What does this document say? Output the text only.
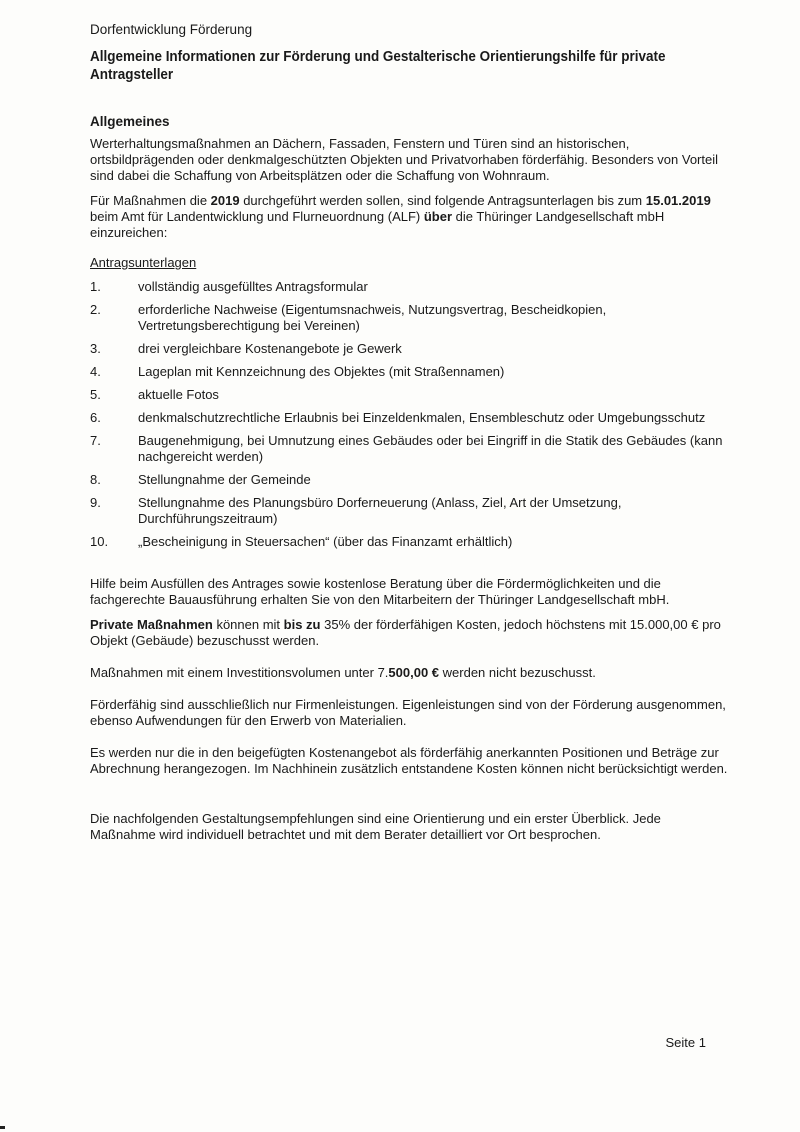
Dorfentwicklung Förderung
Allgemeine Informationen zur Förderung und Gestalterische Orientierungshilfe für private Antragsteller
Allgemeines

Werterhaltungsmaßnahmen an Dächern, Fassaden, Fenstern und Türen sind an historischen, ortsbildprägenden oder denkmalgeschützten Objekten und Privatvorhaben förderfähig. Besonders von Vorteil sind dabei die Schaffung von Arbeitsplätzen oder die Schaffung von Wohnraum.

Für Maßnahmen die 2019 durchgeführt werden sollen, sind folgende Antragsunterlagen bis zum 15.01.2019 beim Amt für Landentwicklung und Flurneuordnung (ALF) über die Thüringer Landgesellschaft mbH einzureichen:

Antragsunterlagen
1.	vollständig ausgefülltes Antragsformular
2.	erforderliche Nachweise (Eigentumsnachweis, Nutzungsvertrag, Bescheidkopien, Vertretungsberechtigung bei Vereinen)
3.	drei vergleichbare Kostenangebote je Gewerk
4.	Lageplan mit Kennzeichnung des Objektes (mit Straßennamen)
5.	aktuelle Fotos
6.	denkmalschutzrechtliche Erlaubnis bei Einzeldenkmalen, Ensembleschutz oder Umgebungsschutz
7.	Baugenehmigung, bei Umnutzung eines Gebäudes oder bei Eingriff in die Statik des Gebäudes (kann nachgereicht werden)
8.	Stellungnahme der Gemeinde
9.	Stellungnahme des Planungsbüro Dorferneuerung (Anlass, Ziel, Art der Umsetzung, Durchführungszeitraum)
10.	„Bescheinigung in Steuersachen“ (über das Finanzamt erhältlich)

Hilfe beim Ausfüllen des Antrages sowie kostenlose Beratung über die Fördermöglichkeiten und die fachgerechte Bauausführung erhalten Sie von den Mitarbeitern der Thüringer Landgesellschaft mbH.

Private Maßnahmen können mit bis zu 35% der förderfähigen Kosten, jedoch höchstens mit 15.000,00 € pro Objekt (Gebäude) bezuschusst werden.

Maßnahmen mit einem Investitionsvolumen unter 7.500,00 € werden nicht bezuschusst.

Förderfähig sind ausschließlich nur Firmenleistungen. Eigenleistungen sind von der Förderung ausgenommen, ebenso Aufwendungen für den Erwerb von Materialien.

Es werden nur die in den beigefügten Kostenangebot als förderfähig anerkannten Positionen und Beträge zur Abrechnung herangezogen. Im Nachhinein zusätzlich entstandene Kosten können nicht berücksichtigt werden.

Die nachfolgenden Gestaltungsempfehlungen sind eine Orientierung und ein erster Überblick. Jede Maßnahme wird individuell betrachtet und mit dem Berater detailliert vor Ort besprochen.

Seite 1
